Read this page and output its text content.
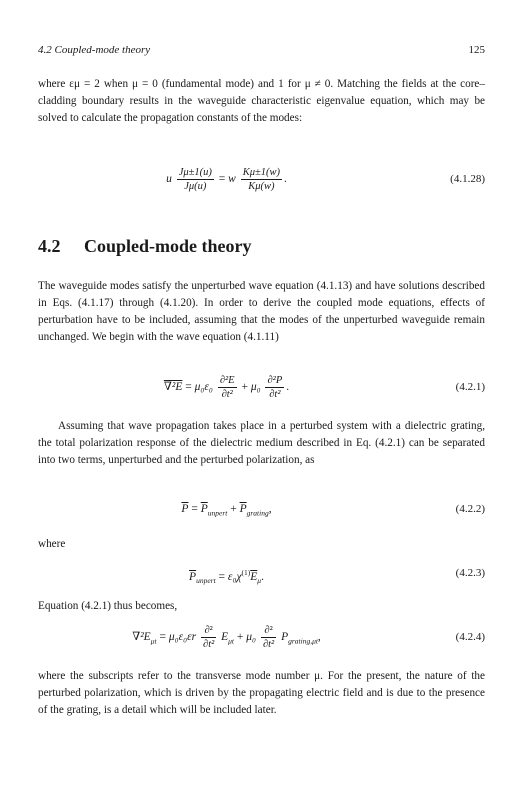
4.2 Coupled-mode theory	125

where εμ = 2 when μ = 0 (fundamental mode) and 1 for μ ≠ 0. Matching the fields at the core–cladding boundary results in the waveguide characteristic eigenvalue equation, which may be solved to calculate the propagation constants of the modes:

u $\frac{J\mu\pm 1(u)}{J\mu(u)} = w \frac{K\mu\pm 1(w)}{K\mu(w)}$ .	(4.1.28)
4.2 Coupled-mode theory

The waveguide modes satisfy the unperturbed wave equation (4.1.13) and have solutions described in Eqs. (4.1.17) through (4.1.20). In order to derive the coupled mode equations, effects of perturbation have to be included, assuming that the modes of the unperturbed waveguide remain unchanged. We begin with the wave equation (4.1.11)

$\nabla^2E = \mu_0\varepsilon_0 \frac{\text{∂²E}}{\text{∂t²}} + \mu_0 \frac{\text{∂²P}}{\text{∂t²}}$ .	(4.2.1)

Assuming that wave propagation takes place in a perturbed system with a dielectric grating, the total polarization response of the dielectric medium described in Eq. (4.2.1) can be separated into two terms, unperturbed and the perturbed polarization, as

$\overline{P} = \overline{P}_{unpert} + \overline{P}_{grating}$,	(4.2.2)

where

$\overline{P}_{unpert} = \varepsilon_0\chi^{(1)}\overline{E}_\mu$.	(4.2.3)

Equation (4.2.1) thus becomes,

$\nabla^2E_{\mu t} = \mu_0\varepsilon_0\varepsilon r \frac{\text{∂²}}{\text{∂t²}} E_{\mu t} + \mu_0 \frac{\text{∂²}}{\text{∂t²}} P_{grating,\mu t}$,	(4.2.4)

where the subscripts refer to the transverse mode number μ. For the present, the nature of the perturbed polarization, which is driven by the propagating electric field and is due to the presence of the grating, is a detail which will be included later.
